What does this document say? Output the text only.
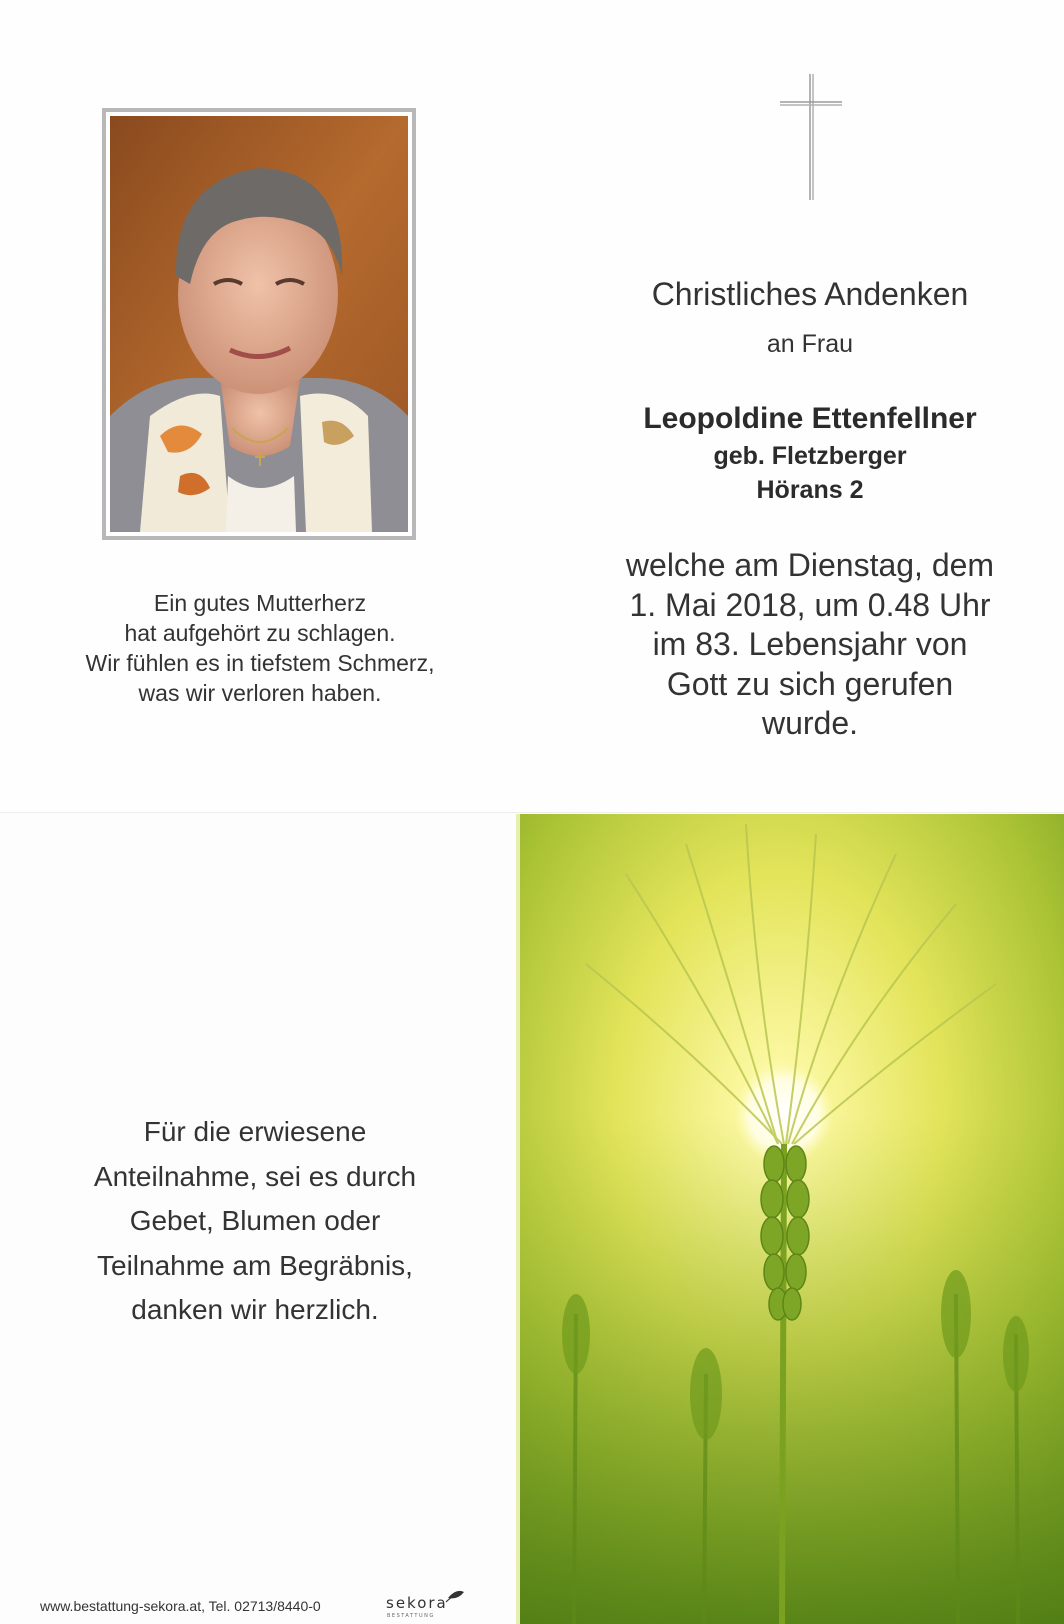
Ein gutes Mutterherz
hat aufgehört zu schlagen.
Wir fühlen es in tiefstem Schmerz,
was wir verloren haben.
Christliches Andenken
an Frau
Leopoldine Ettenfellner
geb. Fletzberger
Hörans 2
welche am Dienstag, dem
1. Mai 2018, um 0.48 Uhr
im 83. Lebensjahr von
Gott zu sich gerufen
wurde.
Für die erwiesene
Anteilnahme, sei es durch
Gebet, Blumen oder
Teilnahme am Begräbnis,
danken wir herzlich.
www.bestattung-sekora.at, Tel. 02713/8440-0	sekora
BESTATTUNG
